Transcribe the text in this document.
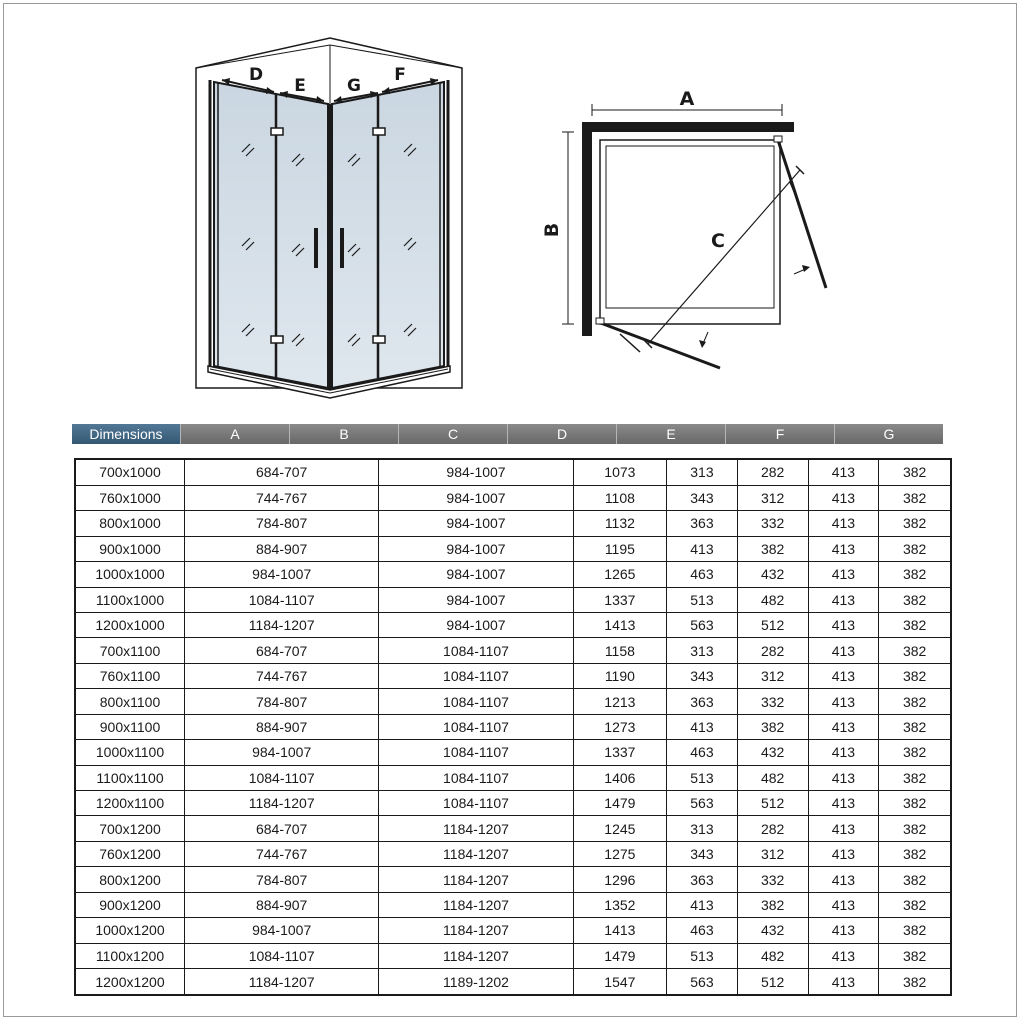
D
E G
F
A
B	C
Dimensions	A	B	C	D	E	F	G
700x1000	684-707	984-1007	1073	313	282	413	382
760x1000	744-767	984-1007	1108	343	312	413	382
800x1000	784-807	984-1007	1132	363	332	413	382
900x1000	884-907	984-1007	1195	413	382	413	382
1000x1000	984-1007	984-1007	1265	463	432	413	382
1100x1000	1084-1107	984-1007	1337	513	482	413	382
1200x1000	1184-1207	984-1007	1413	563	512	413	382
700x1100	684-707	1084-1107	1158	313	282	413	382
760x1100	744-767	1084-1107	1190	343	312	413	382
800x1100	784-807	1084-1107	1213	363	332	413	382
900x1100	884-907	1084-1107	1273	413	382	413	382
1000x1100	984-1007	1084-1107	1337	463	432	413	382
1100x1100	1084-1107	1084-1107	1406	513	482	413	382
1200x1100	1184-1207	1084-1107	1479	563	512	413	382
700x1200	684-707	1184-1207	1245	313	282	413	382
760x1200	744-767	1184-1207	1275	343	312	413	382
800x1200	784-807	1184-1207	1296	363	332	413	382
900x1200	884-907	1184-1207	1352	413	382	413	382
1000x1200	984-1007	1184-1207	1413	463	432	413	382
1100x1200	1084-1107	1184-1207	1479	513	482	413	382
1200x1200	1184-1207	1189-1202	1547	563	512	413	382
